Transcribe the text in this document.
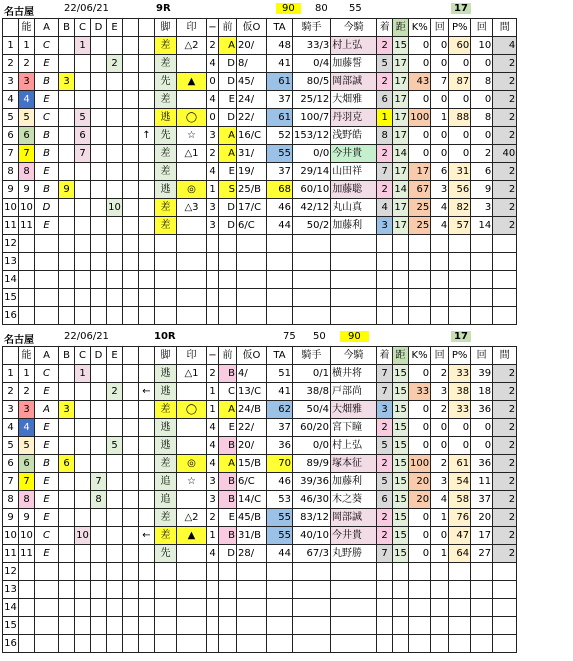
名古屋	22/06/21	9R	90	80 55	17
	能	A	B	C	D	E			脚	印	−	前	仮O	TA	騎手	今騎	着	距	K%	回	P%	回	間
1	1	C		1					差	△2	2	A	20/	48	33/3	村上弘	2	15	0	0	60	10	4
2	2	E				2			差		4	D	8/	41	0/4	加藤誓	5	17	0	0	0	0	2
3	3	B	3						先	▲	0	D	45/	61	80/5	岡部誠	2	17	43	7	87	8	2
4	4	E							差		4	E	24/	37	25/12	大畑雅	6	17	0	0	0	0	2
5	5	C		5					逃	◯	0	D	22/	61	100/7	丹羽克	1	17	100	1	88	8	2
6	6	B		6				↑	先	☆	3	A	16/C	52	153/12	浅野皓	8	17	0	0	0	0	2
7	7	B		7					差	△1	2	A	31/	55	0/0	今井貴	2	14	0	0	0	2	40
8	8	E							差		4	E	19/	37	29/14	山田祥	7	17	17	6	31	6	2
9	9	B	9						逃	◎	1	S	25/B	68	60/10	加藤聡	2	14	67	3	56	9	2
10	10	D				10			差	△3	3	D	17/C	46	42/12	丸山真	4	17	25	4	82	3	2
11	11	E							差		3	D	6/C	44	50/2	加藤利	3	17	25	4	57	14	2
12																							
13																							
14																							
15																							
16																							
名古屋	22/06/21	10R	75 50	90	17
	能	A	B	C	D	E			脚	印	−	前	仮O	TA	騎手	今騎	着	距	K%	回	P%	回	間
1	1	C		1					逃	△1	2	B	4/	51	0/1	横井将	7	15	0	2	33	39	2
2	2	E				2		←	逃		1	C	13/C	41	38/8	戸部尚	7	15	33	3	38	18	2
3	3	A	3						差	◯	1	A	24/B	62	50/4	大畑雅	3	15	0	2	33	36	2
4	4	E							逃		4	E	22/	37	60/20	宮下瞳	2	15	0	0	0	0	2
5	5	E				5			逃		4	B	20/	36	0/0	村上弘	5	15	0	0	0	0	2
6	6	B	6						差	◎	4	A	15/B	70	89/9	塚本征	2	15	100	2	61	36	2
7	7	E			7				追	☆	3	B	6/C	46	39/36	加藤利	5	15	20	3	54	11	2
8	8	E			8				追		3	B	14/C	53	46/30	木之葵	6	15	20	4	58	37	2
9	9	E							差	△2	2	E	45/B	55	83/12	岡部誠	2	15	0	1	76	20	2
10	10	C		10				←	差	▲	1	B	31/B	55	40/10	今井貴	2	15	0	0	47	17	2
11	11	E							先		4	D	28/	44	67/3	丸野勝	7	15	0	1	64	27	2
12																							
13																							
14																							
15																							
16																							
